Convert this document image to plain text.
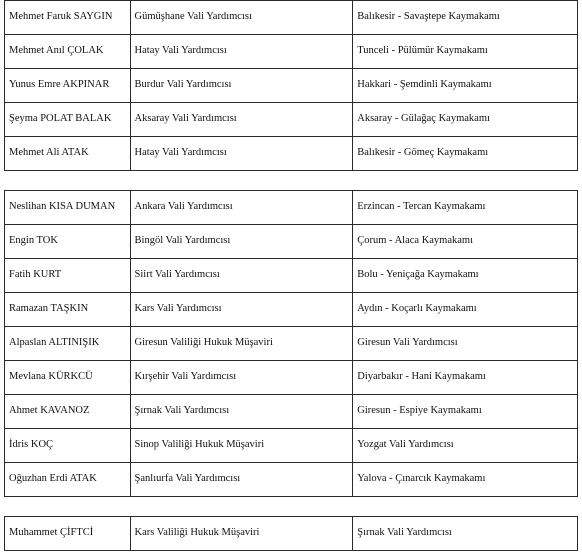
Mehmet Faruk SAYGIN	Gümüşhane Vali Yardımcısı	Balıkesir - Savaştepe Kaymakamı
Mehmet Anıl ÇOLAK	Hatay Vali Yardımcısı	Tunceli - Pülümür Kaymakamı
Yunus Emre AKPINAR	Burdur Vali Yardımcısı	Hakkari - Şemdinli Kaymakamı
Şeyma POLAT BALAK	Aksaray Vali Yardımcısı	Aksaray - Gülağaç Kaymakamı
Mehmet Ali ATAK	Hatay Vali Yardımcısı	Balıkesir - Gömeç Kaymakamı
Neslihan KISA DUMAN	Ankara Vali Yardımcısı	Erzincan - Tercan Kaymakamı
Engin TOK	Bingöl Vali Yardımcısı	Çorum - Alaca Kaymakamı
Fatih KURT	Siirt Vali Yardımcısı	Bolu - Yeniçağa Kaymakamı
Ramazan TAŞKIN	Kars Vali Yardımcısı	Aydın - Koçarlı Kaymakamı
Alpaslan ALTINIŞIK	Giresun Valiliği Hukuk Müşaviri	Giresun Vali Yardımcısı
Mevlana KÜRKCÜ	Kırşehir Vali Yardımcısı	Diyarbakır - Hani Kaymakamı
Ahmet KAVANOZ	Şırnak Vali Yardımcısı	Giresun - Espiye Kaymakamı
İdris KOÇ	Sinop Valiliği Hukuk Müşaviri	Yozgat Vali Yardımcısı
Oğuzhan Erdi ATAK	Şanlıurfa Vali Yardımcısı	Yalova - Çınarcık Kaymakamı
Muhammet ÇİFTCİ	Kars Valiliği Hukuk Müşaviri	Şırnak Vali Yardımcısı
